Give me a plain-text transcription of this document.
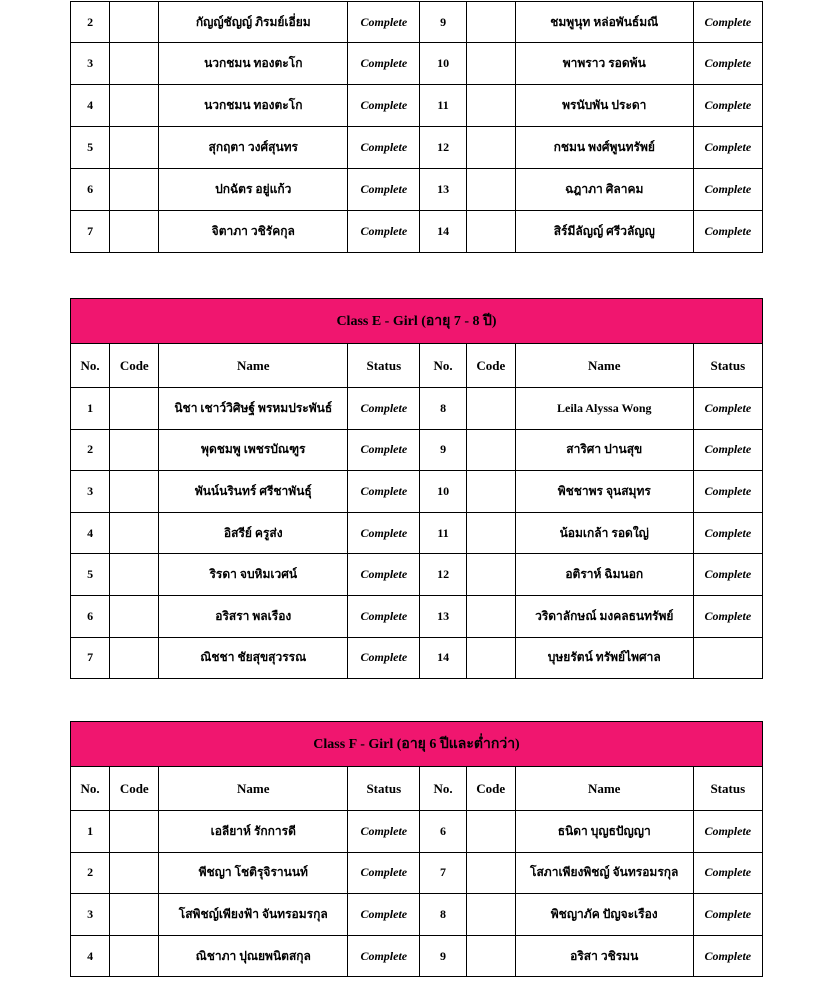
2		กัญญ์ชัญญ์ ภิรมย์เอี่ยม	Complete	9		ชมพูนุท หล่อพันธ์มณี	Complete
3		นวกชมน ทองตะโก	Complete	10		พาพราว รอดพ้น	Complete
4		นวกชมน ทองตะโก	Complete	11		พรนับพัน ประดา	Complete
5		สุกฤตา วงศ์สุนทร	Complete	12		กชมน พงศ์พูนทรัพย์	Complete
6		ปกฉัตร อยู่แก้ว	Complete	13		ฉฎาภา ศิลาคม	Complete
7		จิตาภา วชิรัคกุล	Complete	14		สิร์มีลัญญ์ ศรีวลัญญู	Complete
Class E - Girl (อายุ 7 - 8 ปี)							
No.	Code	Name	Status	No.	Code	Name	Status
1		นิชา เชาว์วิศิษฐ์ พรหมประพันธ์	Complete	8		Leila Alyssa Wong	Complete
2		พุดชมพู เพชรบัณฑูร	Complete	9		สาริศา ปานสุข	Complete
3		พันน์นรินทร์ ศรีชาพันธุ์	Complete	10		พิชชาพร จุนสมุทร	Complete
4		อิสรีย์ ครูส่ง	Complete	11		น้อมเกล้า รอดใญ่	Complete
5		ริรดา จบหิมเวศน์	Complete	12		อติราห์ ฉิมนอก	Complete
6		อริสรา พลเรือง	Complete	13		วริดาลักษณ์ มงคลธนทรัพย์	Complete
7		ณิชชา ชัยสุขสุวรรณ	Complete	14		บุษยรัตน์ ทรัพย์ไพศาล	
Class F - Girl (อายุ 6 ปีและต่ำกว่า)							
No.	Code	Name	Status	No.	Code	Name	Status
1		เอลียาห์ รักการดี	Complete	6		ธนิดา บุญธปัญญา	Complete
2		พีชญา โชติรุจิรานนท์	Complete	7		โสภาเพียงพิชญ์ จันทรอมรกุล	Complete
3		โสพิชญ์เพียงฟ้า จันทรอมรกุล	Complete	8		พิชญาภัค ปัญจะเรือง	Complete
4		ณิชาภา ปุณยพนิตสกุล	Complete	9		อริสา วชิรมน	Complete
